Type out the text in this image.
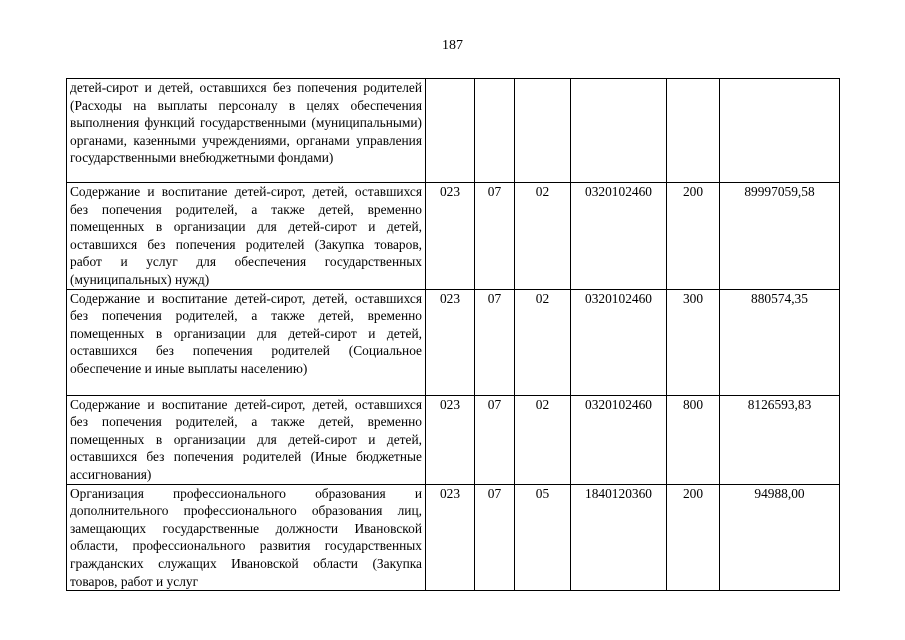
187
детей-сирот и детей, оставшихся без попечения родителей (Расходы на выплаты персоналу в целях обеспечения выполнения функций государственными (муниципальными) органами, казенными учреждениями, органами управления государственными внебюджетными фондами)						
Содержание и воспитание детей-сирот, детей, оставшихся без попечения родителей, а также детей, временно помещенных в организации для детей-сирот и детей, оставшихся без попечения родителей (Закупка товаров, работ и услуг для обеспечения государственных (муниципальных) нужд)	023	07	02	0320102460	200	89997059,58
Содержание и воспитание детей-сирот, детей, оставшихся без попечения родителей, а также детей, временно помещенных в организации для детей-сирот и детей, оставшихся без попечения родителей (Социальное обеспечение и иные выплаты населению)	023	07	02	0320102460	300	880574,35
Содержание и воспитание детей-сирот, детей, оставшихся без попечения родителей, а также детей, временно помещенных в организации для детей-сирот и детей, оставшихся без попечения родителей (Иные бюджетные ассигнования)	023	07	02	0320102460	800	8126593,83
Организация профессионального образования и дополнительного профессионального образования лиц, замещающих государственные должности Ивановской области, профессионального развития государственных гражданских служащих Ивановской области (Закупка товаров, работ и услуг	023	07	05	1840120360	200	94988,00
